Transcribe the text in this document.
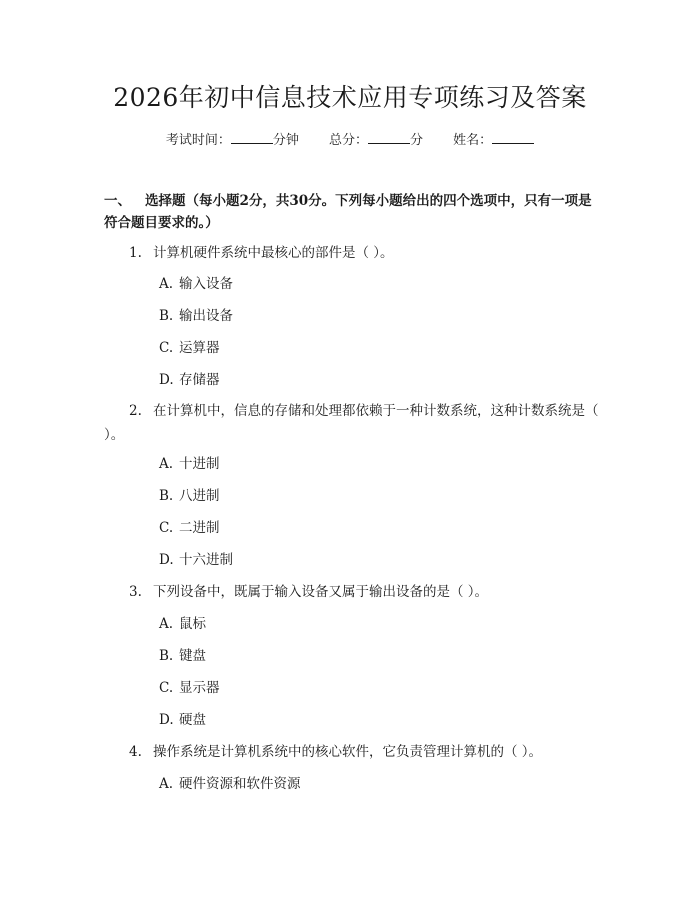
2026年初中信息技术应用专项练习及答案
考试时间：	分钟 总分：	分 姓名：
一、 选择题（每小题2分，共30分。下列每小题给出的四个选项中，只有一项是符合题目要求的。）
1. 计算机硬件系统中最核心的部件是（ ）。
A. 输入设备
B. 输出设备
C. 运算器
D. 存储器
2. 在计算机中，信息的存储和处理都依赖于一种计数系统，这种计数系统是（ ）。
A. 十进制
B. 八进制
C. 二进制
D. 十六进制
3. 下列设备中，既属于输入设备又属于输出设备的是（ ）。
A. 鼠标
B. 键盘
C. 显示器
D. 硬盘
4. 操作系统是计算机系统中的核心软件，它负责管理计算机的（ ）。
A. 硬件资源和软件资源
